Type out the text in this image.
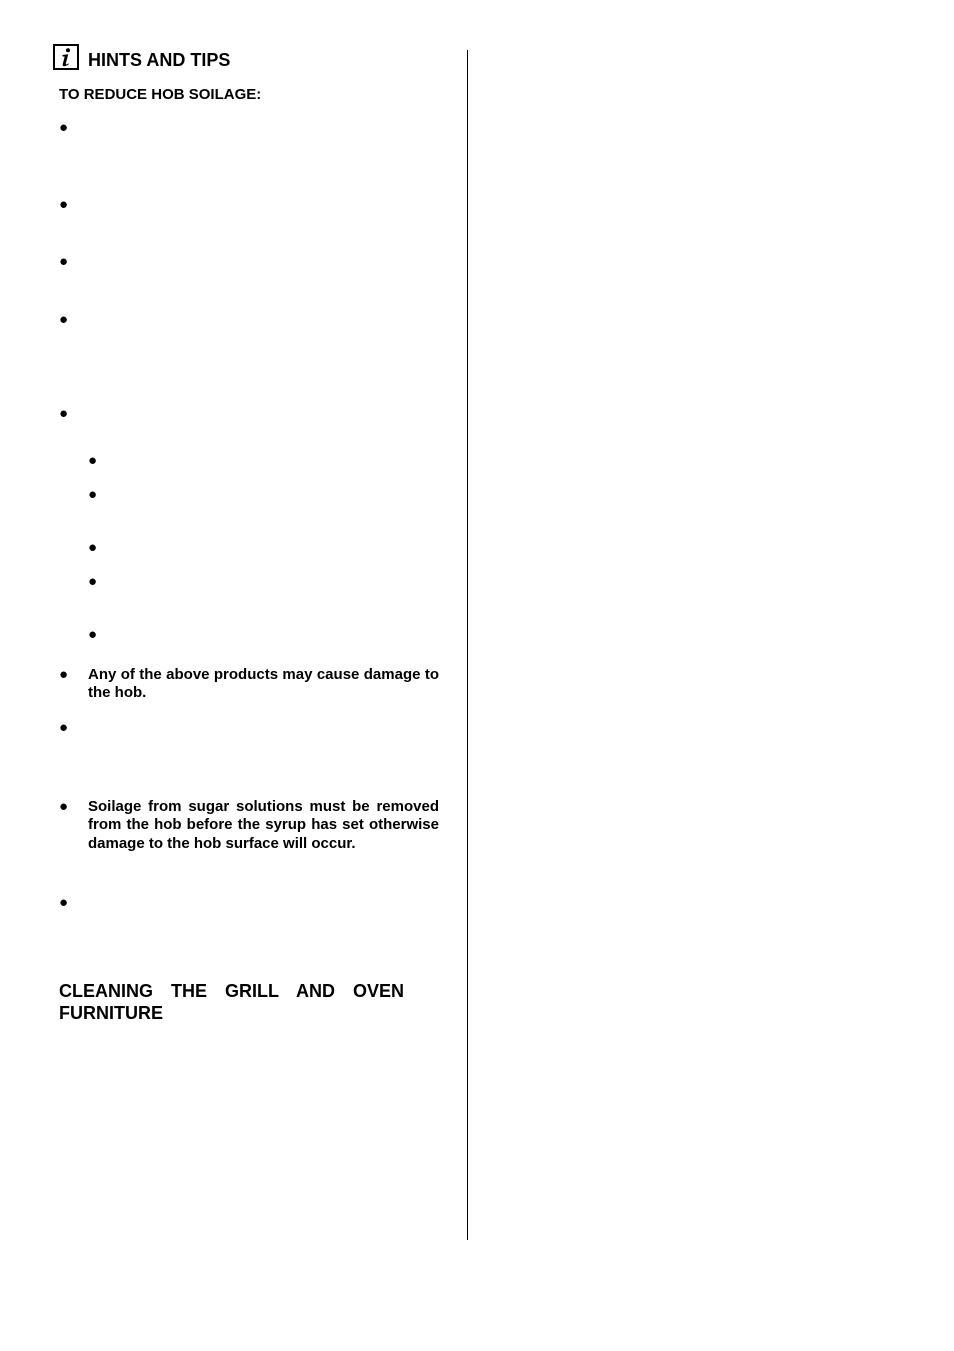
HINTS AND TIPS
TO REDUCE HOB SOILAGE:
●
●
●
●
●
●
●
●
●
●
● Any of the above products may cause damage to the hob.
●
● Soilage from sugar solutions must be removed from the hob before the syrup has set otherwise damage to the hob surface will occur.
●
CLEANING THE GRILL AND OVEN FURNITURE
